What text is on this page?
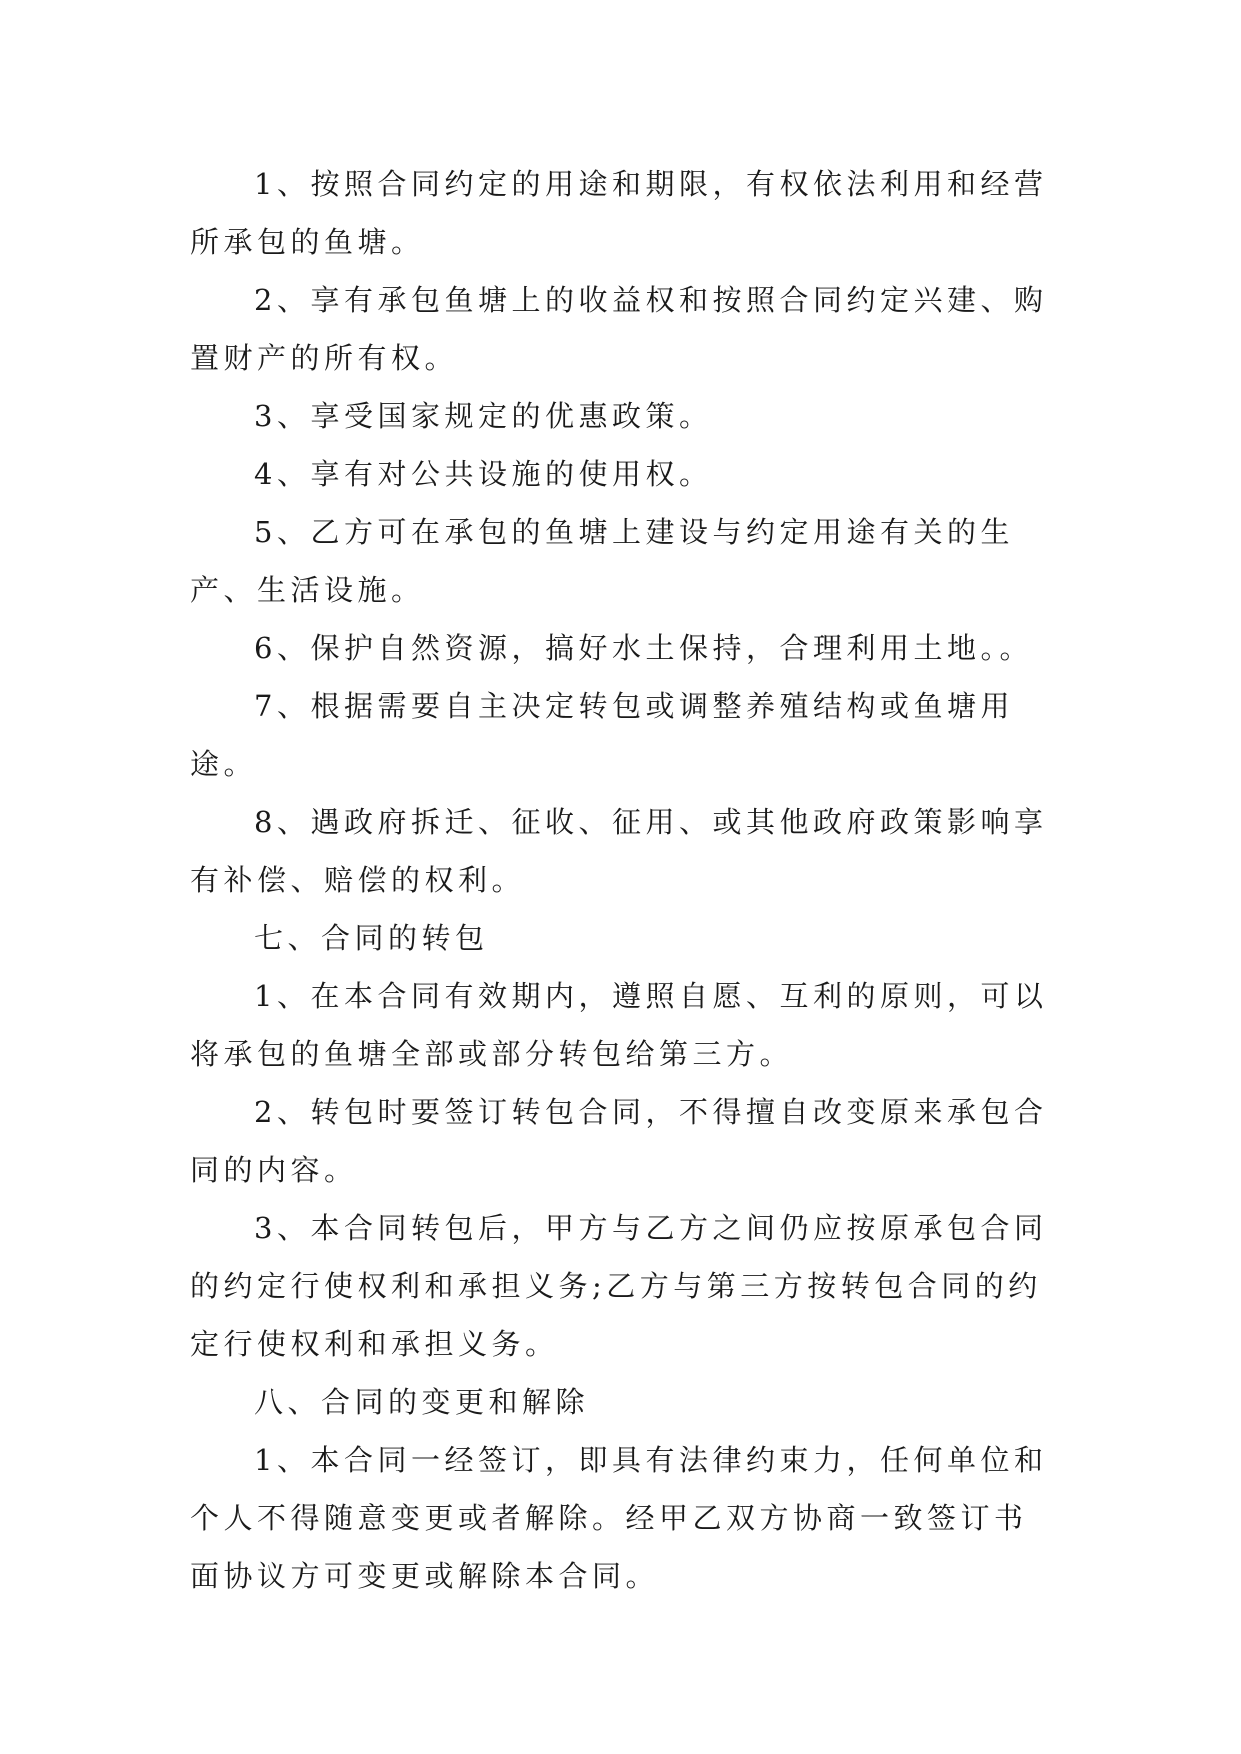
1、按照合同约定的用途和期限，有权依法利用和经营所承包的鱼塘。

2、享有承包鱼塘上的收益权和按照合同约定兴建、购置财产的所有权。

3、享受国家规定的优惠政策。

4、享有对公共设施的使用权。

5、乙方可在承包的鱼塘上建设与约定用途有关的生产、生活设施。

6、保护自然资源，搞好水土保持，合理利用土地。。

7、根据需要自主决定转包或调整养殖结构或鱼塘用途。

8、遇政府拆迁、征收、征用、或其他政府政策影响享有补偿、赔偿的权利。

七、合同的转包

1、在本合同有效期内，遵照自愿、互利的原则，可以将承包的鱼塘全部或部分转包给第三方。

2、转包时要签订转包合同，不得擅自改变原来承包合同的内容。

3、本合同转包后，甲方与乙方之间仍应按原承包合同的约定行使权利和承担义务;乙方与第三方按转包合同的约定行使权利和承担义务。

八、合同的变更和解除

1、本合同一经签订，即具有法律约束力，任何单位和个人不得随意变更或者解除。经甲乙双方协商一致签订书面协议方可变更或解除本合同。
